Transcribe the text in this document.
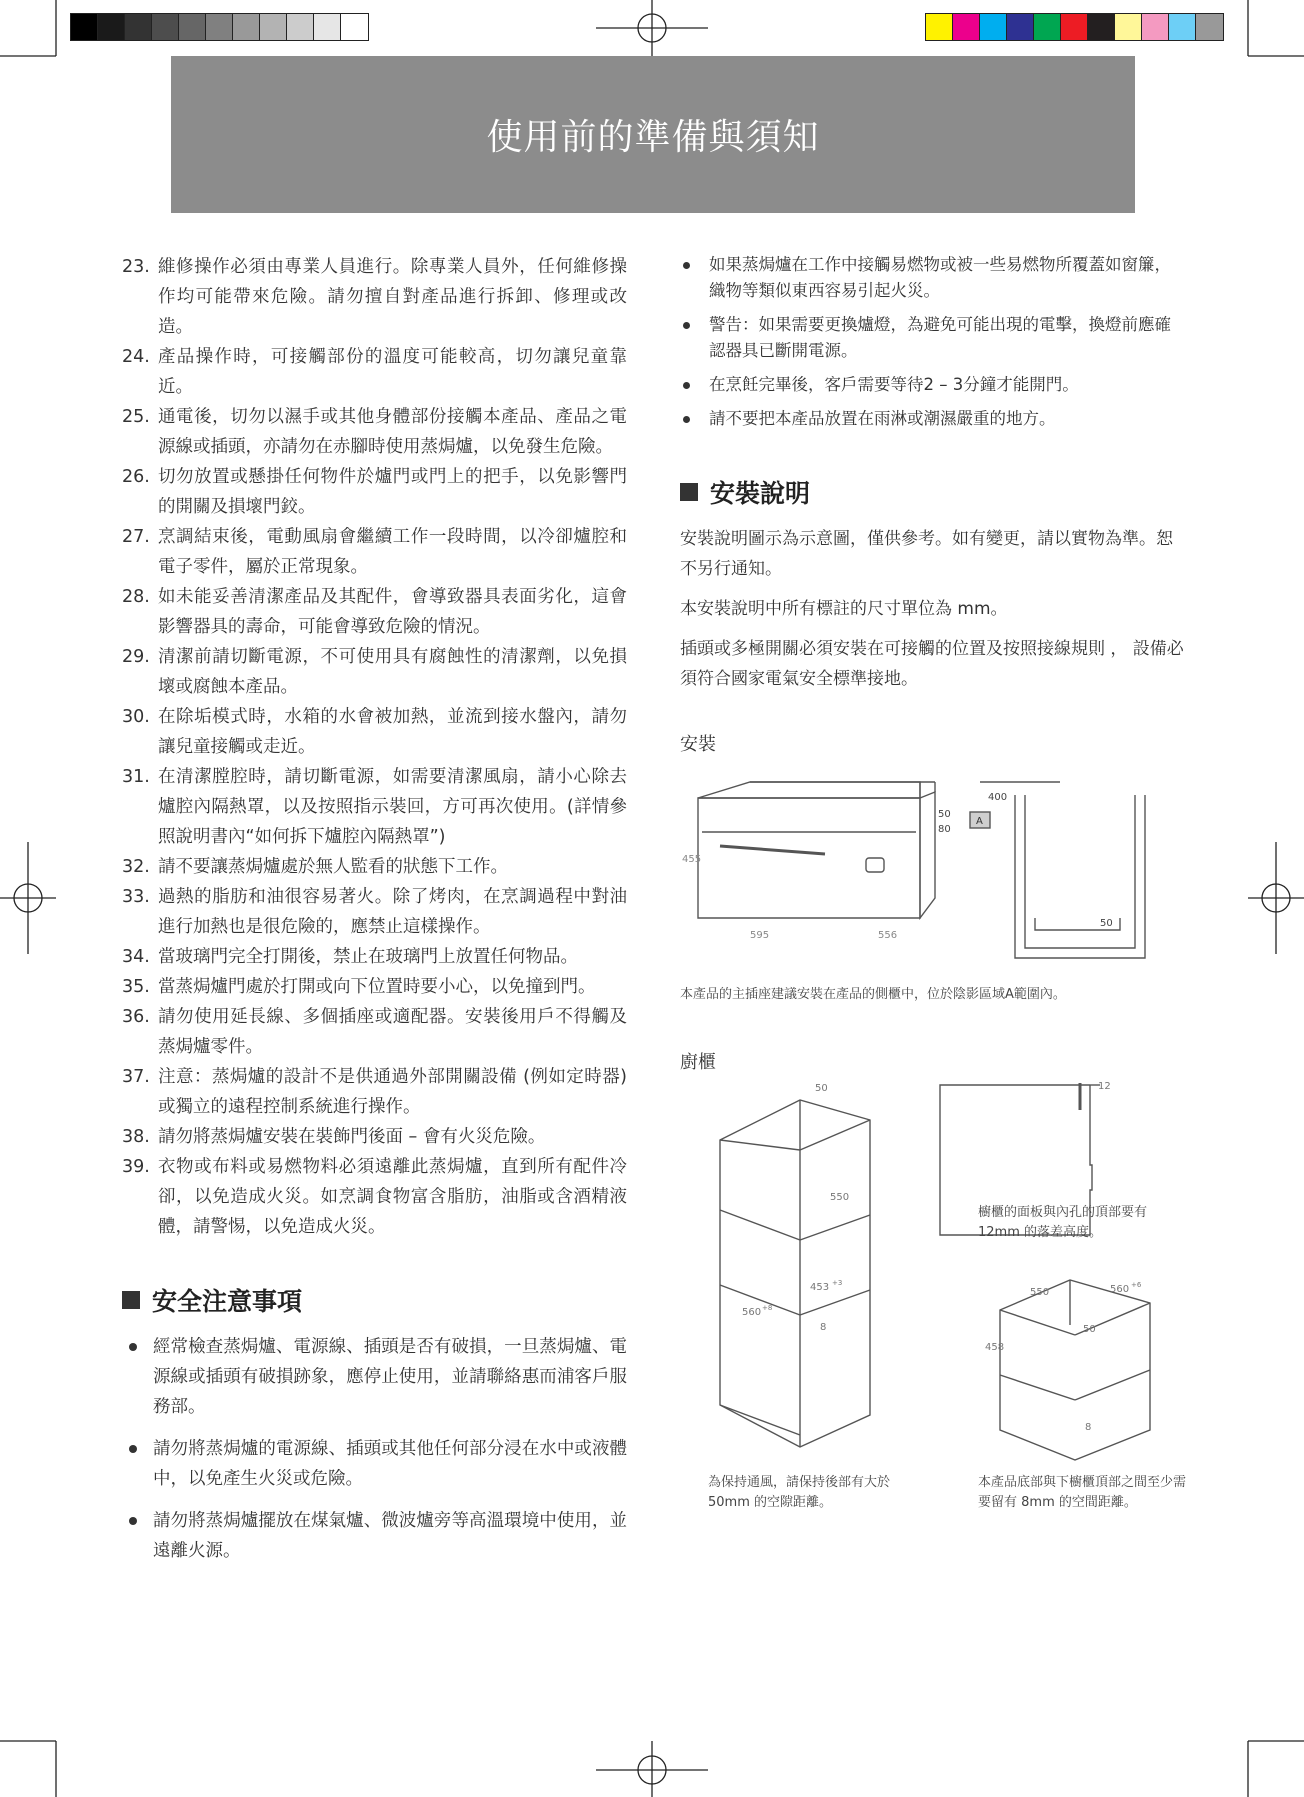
使用前的準備與須知
23. 維修操作必須由專業人員進行。除專業人員外，任何維修操作均可能帶來危險。請勿擅自對產品進行拆卸、修理或改造。
24. 產品操作時，可接觸部份的溫度可能較高，切勿讓兒童靠近。
25. 通電後，切勿以濕手或其他身體部份接觸本產品、產品之電源線或插頭，亦請勿在赤腳時使用蒸焗爐，以免發生危險。
26. 切勿放置或懸掛任何物件於爐門或門上的把手，以免影響門的開關及損壞門鉸。
27. 烹調結束後，電動風扇會繼續工作一段時間，以冷卻爐腔和電子零件，屬於正常現象。
28. 如未能妥善清潔產品及其配件，會導致器具表面劣化，這會影響器具的壽命，可能會導致危險的情況。
29. 清潔前請切斷電源，不可使用具有腐蝕性的清潔劑，以免損壞或腐蝕本產品。
30. 在除垢模式時，水箱的水會被加熱，並流到接水盤內，請勿讓兒童接觸或走近。
31. 在清潔膛腔時，請切斷電源，如需要清潔風扇，請小心除去爐腔內隔熱罩，以及按照指示裝回，方可再次使用。(詳情參照說明書內“如何拆下爐腔內隔熱罩”)
32. 請不要讓蒸焗爐處於無人監看的狀態下工作。
33. 過熱的脂肪和油很容易著火。除了烤肉，在烹調過程中對油進行加熱也是很危險的，應禁止這樣操作。
34. 當玻璃門完全打開後，禁止在玻璃門上放置任何物品。
35. 當蒸焗爐門處於打開或向下位置時要小心，以免撞到門。
36. 請勿使用延長線、多個插座或適配器。安裝後用戶不得觸及蒸焗爐零件。
37. 注意：蒸焗爐的設計不是供通過外部開關設備 (例如定時器) 或獨立的遠程控制系統進行操作。
38. 請勿將蒸焗爐安裝在裝飾門後面 – 會有火災危險。
39. 衣物或布料或易燃物料必須遠離此蒸焗爐，直到所有配件冷卻，以免造成火災。如烹調食物富含脂肪，油脂或含酒精液體，請警惕，以免造成火災。
安全注意事項
經常檢查蒸焗爐、電源線、插頭是否有破損，一旦蒸焗爐、電源線或插頭有破損跡象，應停止使用，並請聯絡惠而浦客戶服務部。
請勿將蒸焗爐的電源線、插頭或其他任何部分浸在水中或液體中，以免產生火災或危險。
請勿將蒸焗爐擺放在煤氣爐、微波爐旁等高溫環境中使用，並遠離火源。
如果蒸焗爐在工作中接觸易燃物或被一些易燃物所覆蓋如窗簾，織物等類似東西容易引起火災。
警告：如果需要更換爐燈，為避免可能出現的電擊，換燈前應確認器具已斷開電源。
在烹飪完畢後，客戶需要等待2 – 3分鐘才能開門。
請不要把本產品放置在雨淋或潮濕嚴重的地方。
安裝說明
安裝說明圖示為示意圖，僅供參考。如有變更，請以實物為準。恕不另行通知。
本安裝說明中所有標註的尺寸單位為 mm。
插頭或多極開關必須安裝在可接觸的位置及按照接線規則 ， 設備必須符合國家電氣安全標準接地。
安裝
455
595	556
400
50
80
A
50
本產品的主插座建議安裝在產品的側櫃中，位於陰影區域A範圍內。
廚櫃
50
550
453 +3
560 +8
8
12
550	560 +6
458
50
8
櫥櫃的面板與內孔的頂部要有12mm 的落差高度。
為保持通風，請保持後部有大於 50mm 的空隙距離。
本產品底部與下櫥櫃頂部之間至少需要留有 8mm 的空間距離。
